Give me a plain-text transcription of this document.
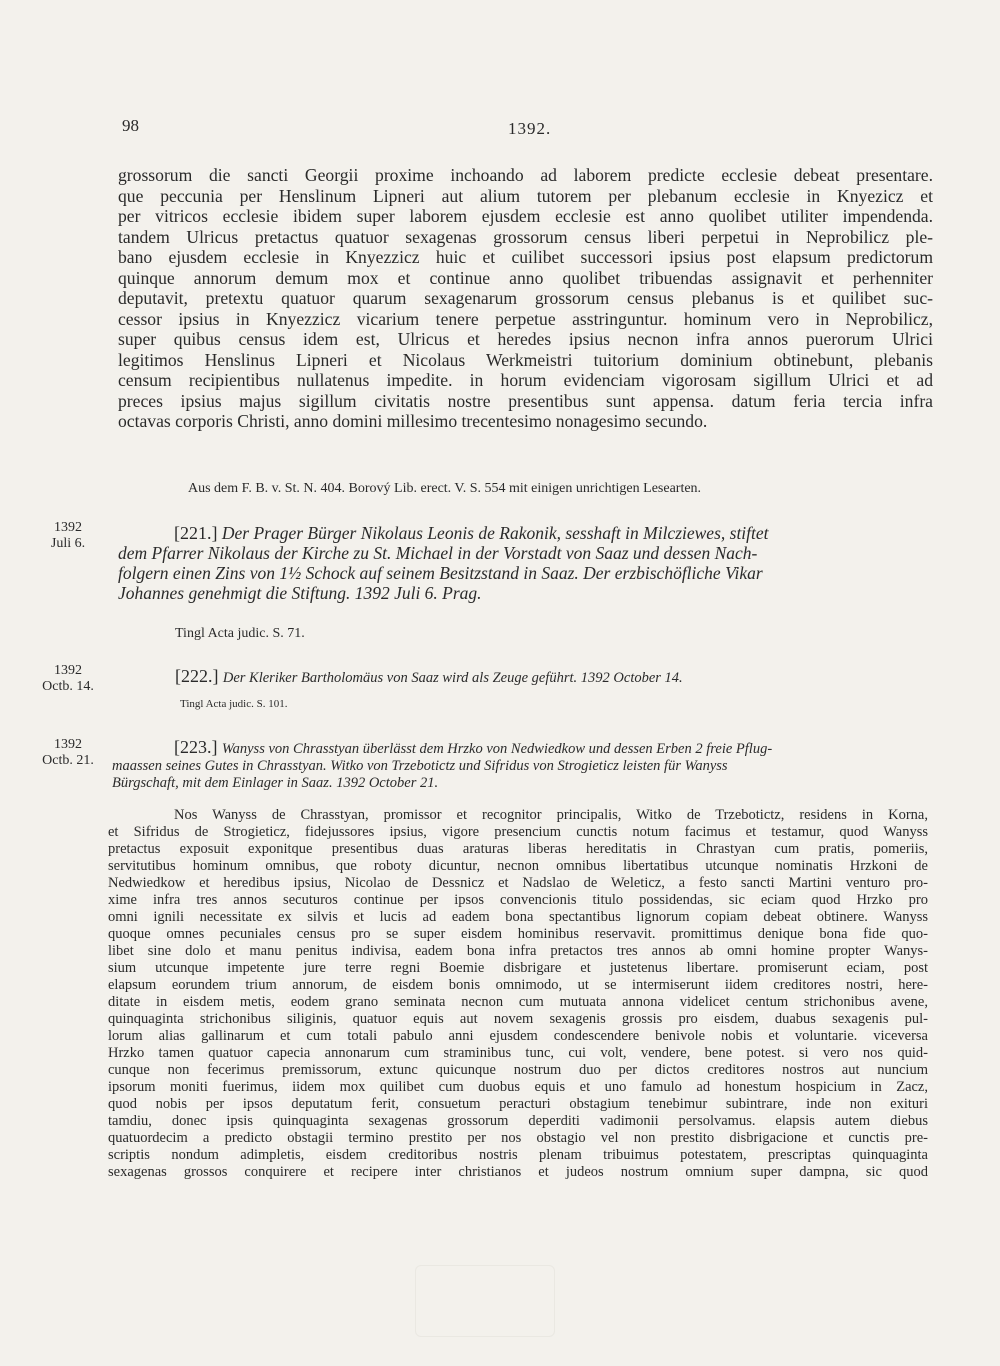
98	1392.
grossorum die sancti Georgii proxime inchoando ad laborem predicte ecclesie debeat presentare.
que peccunia per Henslinum Lipneri aut alium tutorem per plebanum ecclesie in Knyezicz et
per vitricos ecclesie ibidem super laborem ejusdem ecclesie est anno quolibet utiliter impendenda.
tandem Ulricus pretactus quatuor sexagenas grossorum census liberi perpetui in Neprobilicz ple-
bano ejusdem ecclesie in Knyezzicz huic et cuilibet successori ipsius post elapsum predictorum
quinque annorum demum mox et continue anno quolibet tribuendas assignavit et perhenniter
deputavit, pretextu quatuor quarum sexagenarum grossorum census plebanus is et quilibet suc-
cessor ipsius in Knyezzicz vicarium tenere perpetue asstringuntur. hominum vero in Neprobilicz,
super quibus census idem est, Ulricus et heredes ipsius necnon infra annos puerorum Ulrici
legitimos Henslinus Lipneri et Nicolaus Werkmeistri tuitorium dominium obtinebunt, plebanis
censum recipientibus nullatenus impedite. in horum evidenciam vigorosam sigillum Ulrici et ad
preces ipsius majus sigillum civitatis nostre presentibus sunt appensa. datum feria tercia infra
octavas corporis Christi, anno domini millesimo trecentesimo nonagesimo secundo.
Aus dem F. B. v. St. N. 404. Borový Lib. erect. V. S. 554 mit einigen unrichtigen Lesearten.
1392
Juli 6.
[221.] Der Prager Bürger Nikolaus Leonis de Rakonik, sesshaft in Milcziewes, stiftet
dem Pfarrer Nikolaus der Kirche zu St. Michael in der Vorstadt von Saaz und dessen Nach-
folgern einen Zins von 1½ Schock auf seinem Besitzstand in Saaz. Der erzbischöfliche Vikar
Johannes genehmigt die Stiftung. 1392 Juli 6. Prag.
Tingl Acta judic. S. 71.
1392
Octb. 14.
[222.] Der Kleriker Bartholomäus von Saaz wird als Zeuge geführt. 1392 October 14.
Tingl Acta judic. S. 101.
1392
Octb. 21.
[223.] Wanyss von Chrasstyan überlässt dem Hrzko von Nedwiedkow und dessen Erben 2 freie Pflug-
maassen seines Gutes in Chrasstyan. Witko von Trzebotictz und Sifridus von Strogieticz leisten für Wanyss
Bürgschaft, mit dem Einlager in Saaz. 1392 October 21.
Nos Wanyss de Chrasstyan, promissor et recognitor principalis, Witko de Trzebotictz, residens in Korna,
et Sifridus de Strogieticz, fidejussores ipsius, vigore presencium cunctis notum facimus et testamur, quod Wanyss
pretactus exposuit exponitque presentibus duas araturas liberas hereditatis in Chrastyan cum pratis, pomeriis,
servitutibus hominum omnibus, que roboty dicuntur, necnon omnibus libertatibus utcunque nominatis Hrzkoni de
Nedwiedkow et heredibus ipsius, Nicolao de Dessnicz et Nadslao de Weleticz, a festo sancti Martini venturo pro-
xime infra tres annos secuturos continue per ipsos convencionis titulo possidendas, sic eciam quod Hrzko pro
omni ignili necessitate ex silvis et lucis ad eadem bona spectantibus lignorum copiam debeat obtinere. Wanyss
quoque omnes pecuniales census pro se super eisdem hominibus reservavit. promittimus denique bona fide quo-
libet sine dolo et manu penitus indivisa, eadem bona infra pretactos tres annos ab omni homine propter Wanys-
sium utcunque impetente jure terre regni Boemie disbrigare et justetenus libertare. promiserunt eciam, post
elapsum eorundem trium annorum, de eisdem bonis omnimodo, ut se intermiserunt iidem creditores nostri, here-
ditate in eisdem metis, eodem grano seminata necnon cum mutuata annona videlicet centum strichonibus avene,
quinquaginta strichonibus siliginis, quatuor equis aut novem sexagenis grossis pro eisdem, duabus sexagenis pul-
lorum alias gallinarum et cum totali pabulo anni ejusdem condescendere benivole nobis et voluntarie. viceversa
Hrzko tamen quatuor capecia annonarum cum straminibus tunc, cui volt, vendere, bene potest. si vero nos quid-
cunque non fecerimus premissorum, extunc quicunque nostrum duo per dictos creditores nostros aut nuncium
ipsorum moniti fuerimus, iidem mox quilibet cum duobus equis et uno famulo ad honestum hospicium in Zacz,
quod nobis per ipsos deputatum ferit, consuetum peracturi obstagium tenebimur subintrare, inde non exituri
tamdiu, donec ipsis quinquaginta sexagenas grossorum deperditi vadimonii persolvamus. elapsis autem diebus
quatuordecim a predicto obstagii termino prestito per nos obstagio vel non prestito disbrigacione et cunctis pre-
scriptis nondum adimpletis, eisdem creditoribus nostris plenam tribuimus potestatem, prescriptas quinquaginta
sexagenas grossos conquirere et recipere inter christianos et judeos nostrum omnium super dampna, sic quod
